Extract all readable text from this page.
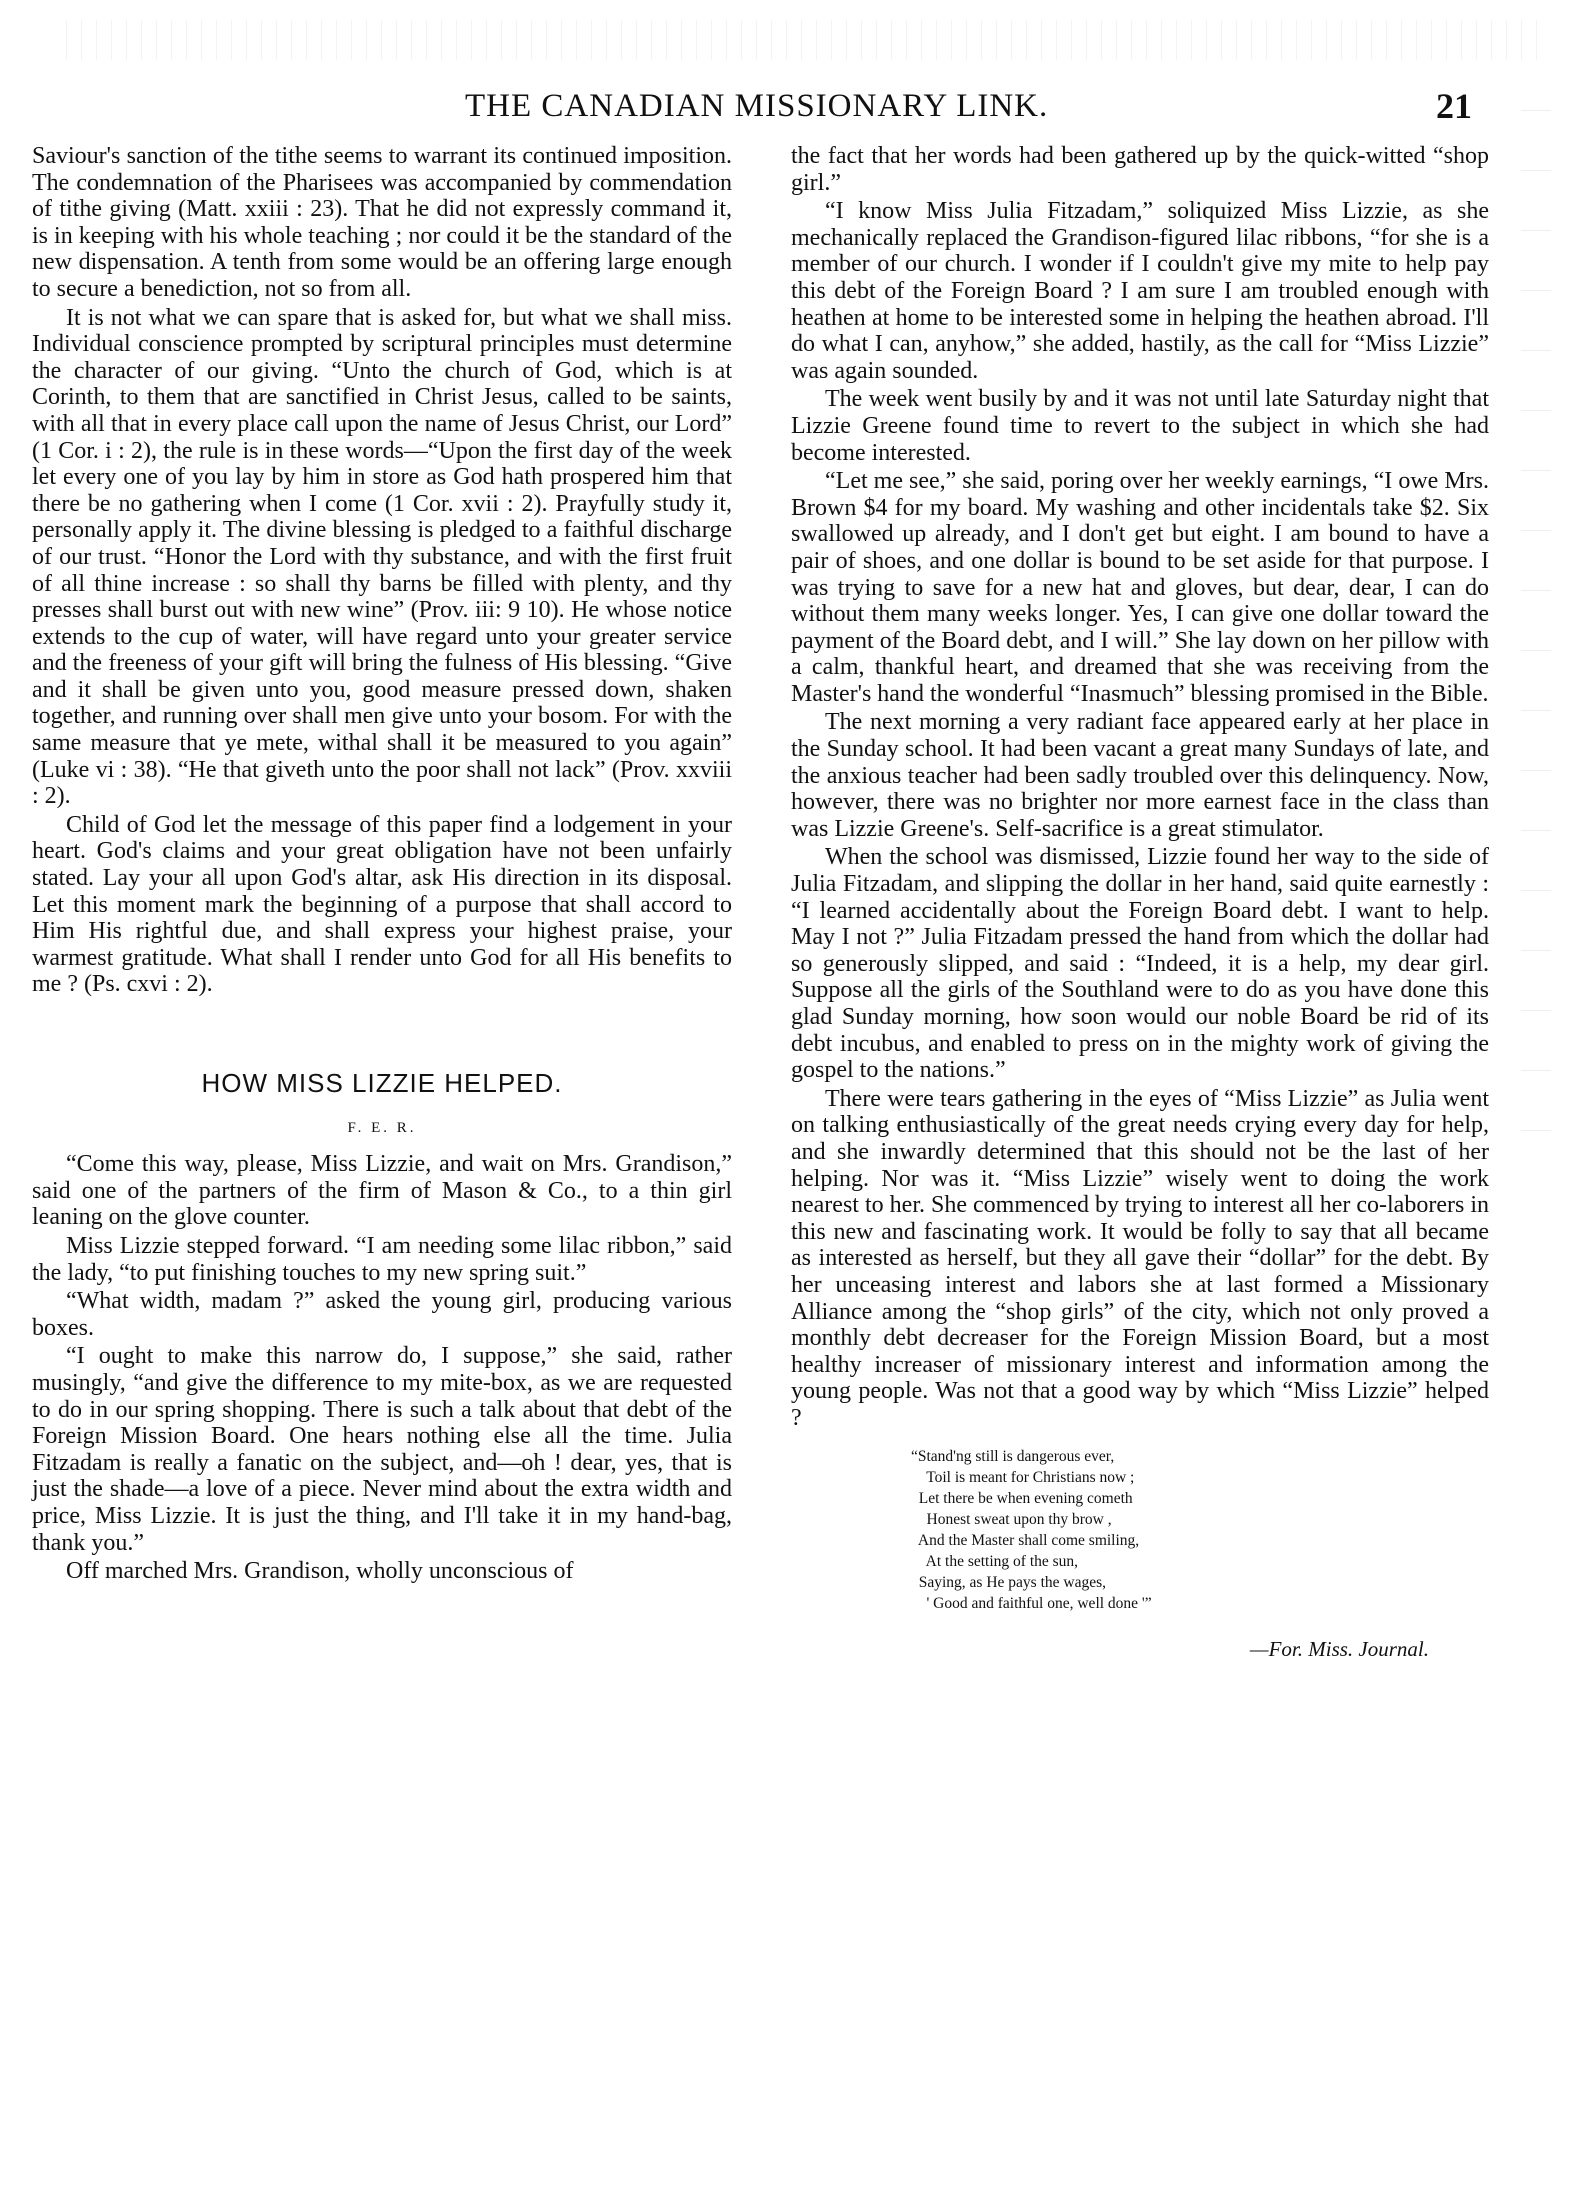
THE CANADIAN MISSIONARY LINK.	21

Saviour's sanction of the tithe seems to warrant its continued imposition. The condemnation of the Pharisees was accompanied by commendation of tithe giving (Matt. xxiii : 23). That he did not expressly command it, is in keeping with his whole teaching ; nor could it be the standard of the new dispensation. A tenth from some would be an offering large enough to secure a benediction, not so from all.

It is not what we can spare that is asked for, but what we shall miss. Individual conscience prompted by scriptural principles must determine the character of our giving. “Unto the church of God, which is at Corinth, to them that are sanctified in Christ Jesus, called to be saints, with all that in every place call upon the name of Jesus Christ, our Lord” (1 Cor. i : 2), the rule is in these words—“Upon the first day of the week let every one of you lay by him in store as God hath prospered him that there be no gathering when I come (1 Cor. xvii : 2). Prayfully study it, personally apply it. The divine blessing is pledged to a faithful discharge of our trust. “Honor the Lord with thy substance, and with the first fruit of all thine increase : so shall thy barns be filled with plenty, and thy presses shall burst out with new wine” (Prov. iii: 9 10). He whose notice extends to the cup of water, will have regard unto your greater service and the freeness of your gift will bring the fulness of His blessing. “Give and it shall be given unto you, good measure pressed down, shaken together, and running over shall men give unto your bosom. For with the same measure that ye mete, withal shall it be measured to you again” (Luke vi : 38). “He that giveth unto the poor shall not lack” (Prov. xxviii : 2).

Child of God let the message of this paper find a lodgement in your heart. God's claims and your great obligation have not been unfairly stated. Lay your all upon God's altar, ask His direction in its disposal. Let this moment mark the beginning of a purpose that shall accord to Him His rightful due, and shall express your highest praise, your warmest gratitude. What shall I render unto God for all His benefits to me ? (Ps. cxvi : 2).

HOW MISS LIZZIE HELPED.
F. E. R.

“Come this way, please, Miss Lizzie, and wait on Mrs. Grandison,” said one of the partners of the firm of Mason & Co., to a thin girl leaning on the glove counter.

Miss Lizzie stepped forward. “I am needing some lilac ribbon,” said the lady, “to put finishing touches to my new spring suit.”

“What width, madam ?” asked the young girl, producing various boxes.

“I ought to make this narrow do, I suppose,” she said, rather musingly, “and give the difference to my mite-box, as we are requested to do in our spring shopping. There is such a talk about that debt of the Foreign Mission Board. One hears nothing else all the time. Julia Fitzadam is really a fanatic on the subject, and—oh ! dear, yes, that is just the shade—a love of a piece. Never mind about the extra width and price, Miss Lizzie. It is just the thing, and I'll take it in my hand-bag, thank you.”

Off marched Mrs. Grandison, wholly unconscious of

the fact that her words had been gathered up by the quick-witted “shop girl.”

“I know Miss Julia Fitzadam,” soliquized Miss Lizzie, as she mechanically replaced the Grandison-figured lilac ribbons, “for she is a member of our church. I wonder if I couldn't give my mite to help pay this debt of the Foreign Board ? I am sure I am troubled enough with heathen at home to be interested some in helping the heathen abroad. I'll do what I can, anyhow,” she added, hastily, as the call for “Miss Lizzie” was again sounded.

The week went busily by and it was not until late Saturday night that Lizzie Greene found time to revert to the subject in which she had become interested.

“Let me see,” she said, poring over her weekly earnings, “I owe Mrs. Brown $4 for my board. My washing and other incidentals take $2. Six swallowed up already, and I don't get but eight. I am bound to have a pair of shoes, and one dollar is bound to be set aside for that purpose. I was trying to save for a new hat and gloves, but dear, dear, I can do without them many weeks longer. Yes, I can give one dollar toward the payment of the Board debt, and I will.” She lay down on her pillow with a calm, thankful heart, and dreamed that she was receiving from the Master's hand the wonderful “Inasmuch” blessing promised in the Bible.

The next morning a very radiant face appeared early at her place in the Sunday school. It had been vacant a great many Sundays of late, and the anxious teacher had been sadly troubled over this delinquency. Now, however, there was no brighter nor more earnest face in the class than was Lizzie Greene's. Self-sacrifice is a great stimulator.

When the school was dismissed, Lizzie found her way to the side of Julia Fitzadam, and slipping the dollar in her hand, said quite earnestly : “I learned accidentally about the Foreign Board debt. I want to help. May I not ?” Julia Fitzadam pressed the hand from which the dollar had so generously slipped, and said : “Indeed, it is a help, my dear girl. Suppose all the girls of the Southland were to do as you have done this glad Sunday morning, how soon would our noble Board be rid of its debt incubus, and enabled to press on in the mighty work of giving the gospel to the nations.”

There were tears gathering in the eyes of “Miss Lizzie” as Julia went on talking enthusiastically of the great needs crying every day for help, and she inwardly determined that this should not be the last of her helping. Nor was it. “Miss Lizzie” wisely went to doing the work nearest to her. She commenced by trying to interest all her co-laborers in this new and fascinating work. It would be folly to say that all became as interested as herself, but they all gave their “dollar” for the debt. By her unceasing interest and labors she at last formed a Missionary Alliance among the “shop girls” of the city, which not only proved a monthly debt decreaser for the Foreign Mission Board, but a most healthy increaser of missionary interest and information among the young people. Was not that a good way by which “Miss Lizzie” helped ?

“Stand'ng still is dangerous ever,
Toil is meant for Christians now ;
Let there be when evening cometh
Honest sweat upon thy brow ,
And the Master shall come smiling,
At the setting of the sun,
Saying, as He pays the wages,
' Good and faithful one, well done '”
—For. Miss. Journal.
